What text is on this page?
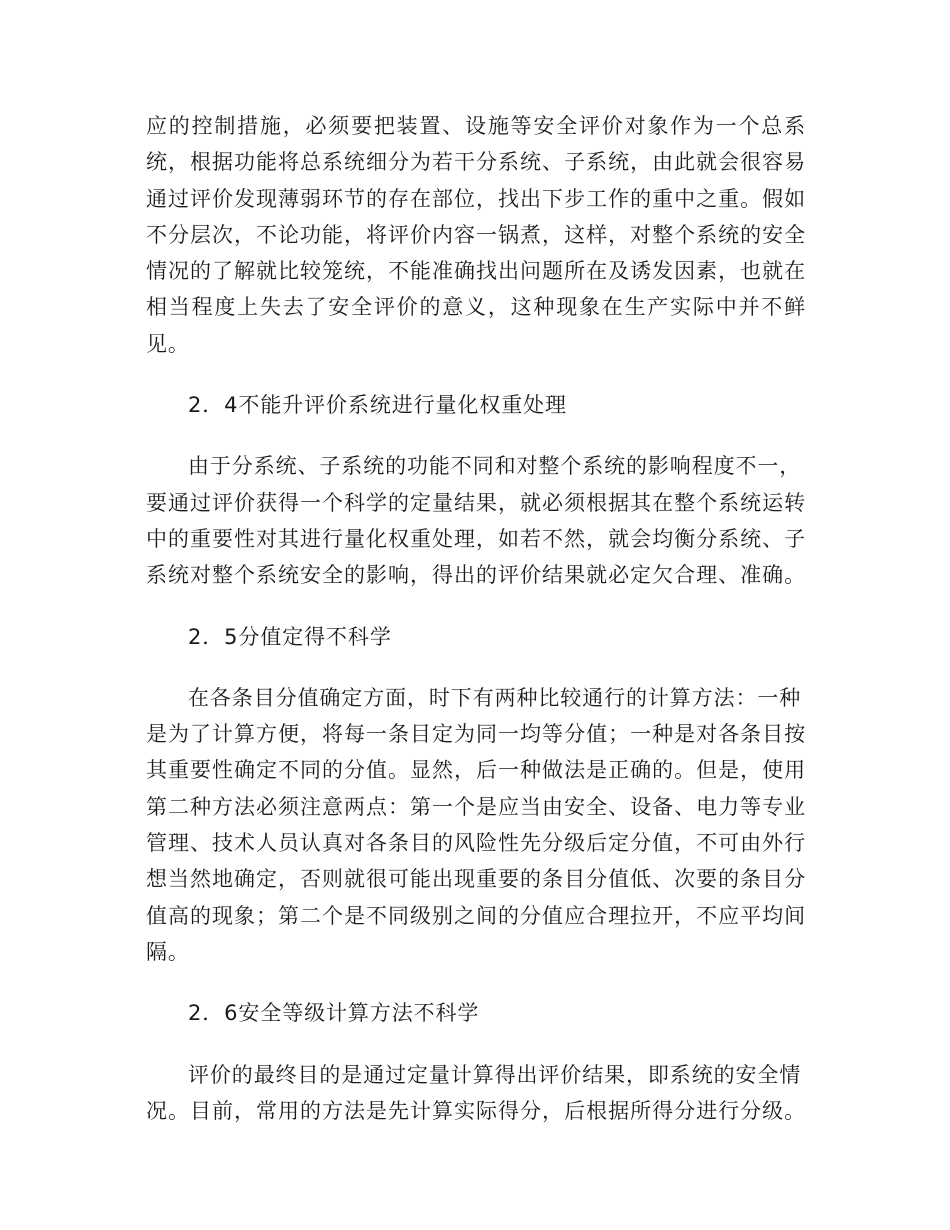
应的控制措施，必须要把装置、设施等安全评价对象作为一个总系
统，根据功能将总系统细分为若干分系统、子系统，由此就会很容易
通过评价发现薄弱环节的存在部位，找出下步工作的重中之重。假如
不分层次，不论功能，将评价内容一锅煮，这样，对整个系统的安全
情况的了解就比较笼统，不能准确找出问题所在及诱发因素，也就在
相当程度上失去了安全评价的意义，这种现象在生产实际中并不鲜
见。
2．4不能升评价系统进行量化权重处理
由于分系统、子系统的功能不同和对整个系统的影响程度不一，
要通过评价获得一个科学的定量结果，就必须根据其在整个系统运转
中的重要性对其进行量化权重处理，如若不然，就会均衡分系统、子
系统对整个系统安全的影响，得出的评价结果就必定欠合理、准确。
2．5分值定得不科学
在各条目分值确定方面，时下有两种比较通行的计算方法：一种
是为了计算方便，将每一条目定为同一均等分值；一种是对各条目按
其重要性确定不同的分值。显然，后一种做法是正确的。但是，使用
第二种方法必须注意两点：第一个是应当由安全、设备、电力等专业
管理、技术人员认真对各条目的风险性先分级后定分值，不可由外行
想当然地确定，否则就很可能出现重要的条目分值低、次要的条目分
值高的现象；第二个是不同级别之间的分值应合理拉开，不应平均间
隔。
2．6安全等级计算方法不科学
评价的最终目的是通过定量计算得出评价结果，即系统的安全情
况。目前，常用的方法是先计算实际得分，后根据所得分进行分级。
